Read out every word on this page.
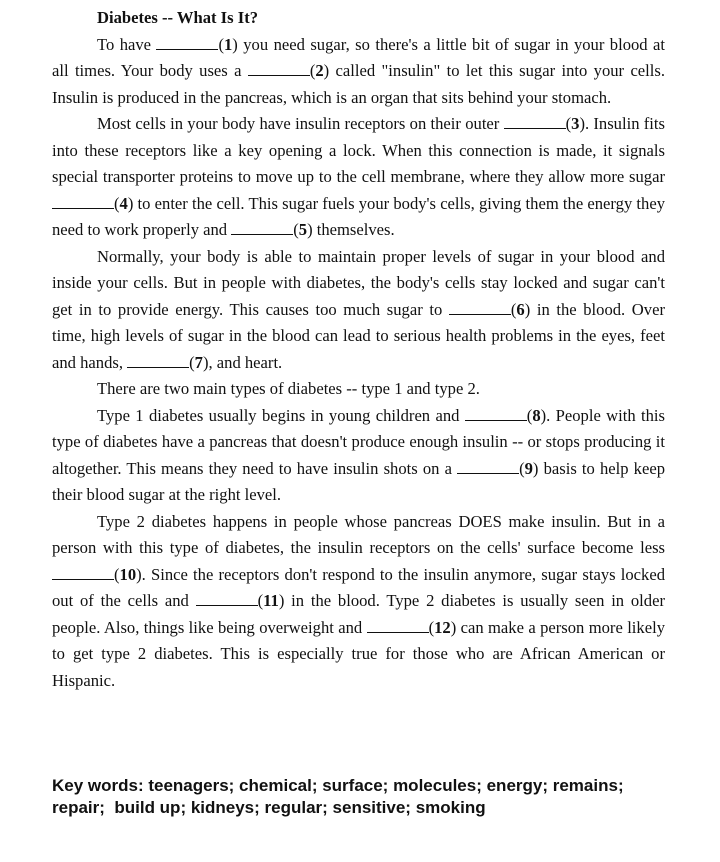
Diabetes -- What Is It?

To have	(1) you need sugar, so there's a little bit of sugar in your blood at all times. Your body uses a	(2) called "insulin" to let this sugar into your cells. Insulin is produced in the pancreas, which is an organ that sits behind your stomach.

Most cells in your body have insulin receptors on their outer	(3). Insulin fits into these receptors like a key opening a lock. When this connection is made, it signals special transporter proteins to move up to the cell membrane, where they allow more sugar (4) to enter the cell. This sugar fuels your body's cells, giving them the energy they need to work properly and	(5) themselves.

Normally, your body is able to maintain proper levels of sugar in your blood and inside your cells. But in people with diabetes, the body's cells stay locked and sugar can't get in to provide energy. This causes too much sugar to	(6) in the blood. Over time, high levels of sugar in the blood can lead to serious health problems in the eyes, feet and hands,	(7), and heart.

There are two main types of diabetes -- type 1 and type 2.

Type 1 diabetes usually begins in young children and	(8). People with this type of diabetes have a pancreas that doesn't produce enough insulin -- or stops producing it altogether. This means they need to have insulin shots on a	(9) basis to help keep their blood sugar at the right level.

Type 2 diabetes happens in people whose pancreas DOES make insulin. But in a person with this type of diabetes, the insulin receptors on the cells' surface become less (10). Since the receptors don't respond to the insulin anymore, sugar stays locked out of the cells and	(11) in the blood. Type 2 diabetes is usually seen in older people. Also, things like being overweight and	(12) can make a person more likely to get type 2 diabetes. This is especially true for those who are African American or Hispanic.

Key words: teenagers; chemical; surface; molecules; energy; remains;
repair;  build up; kidneys; regular; sensitive; smoking
